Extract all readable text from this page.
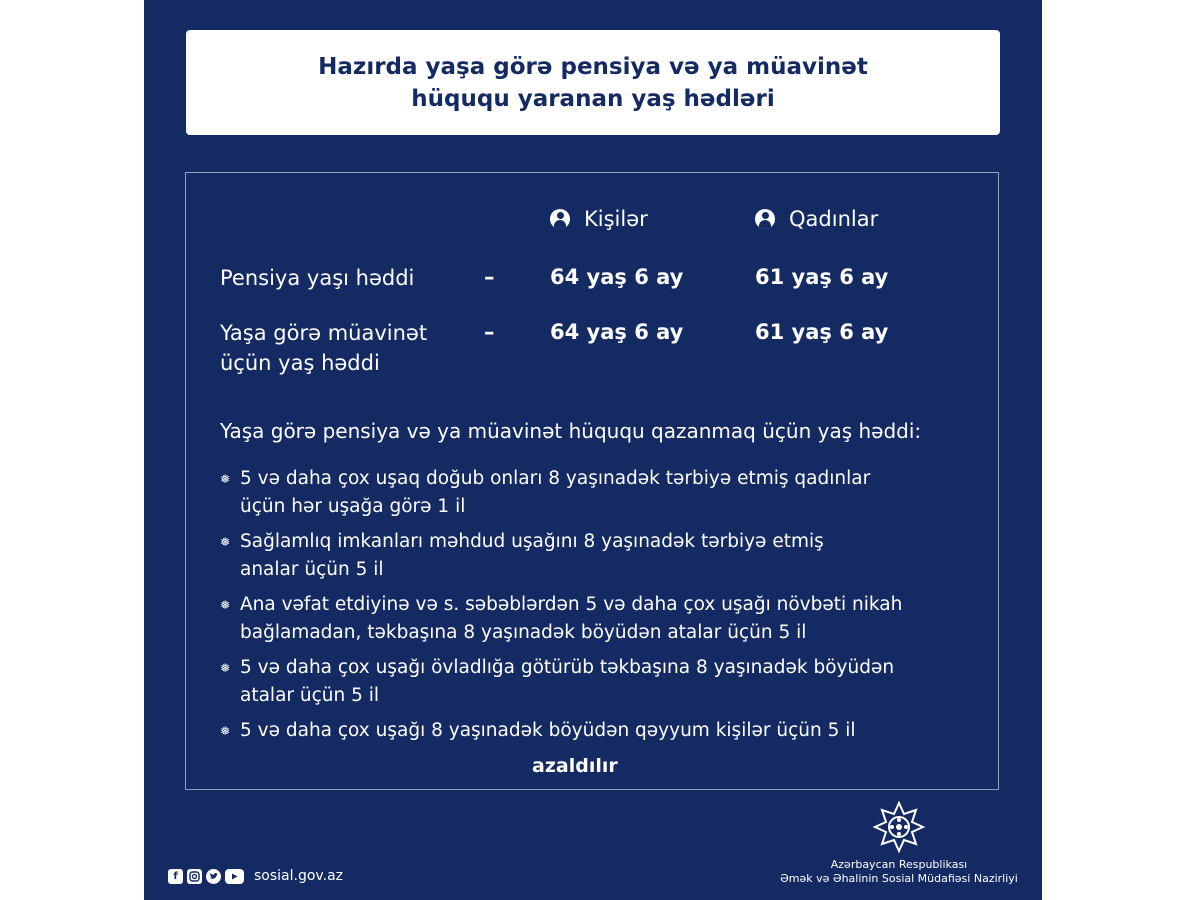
Hazırda yaşa görə pensiya və ya müavinət
hüququ yaranan yaş hədləri
Kişilər	Qadınlar
Pensiya yaşı həddi	–	64 yaş 6 ay	61 yaş 6 ay
Yaşa görə müavinət
üçün yaş həddi
–	64 yaş 6 ay	61 yaş 6 ay
Yaşa görə pensiya və ya müavinət hüququ qazanmaq üçün yaş həddi:
❅ 5 və daha çox uşaq doğub onları 8 yaşınadək tərbiyə etmiş qadınlar
üçün hər uşağa görə 1 il
❅ Sağlamlıq imkanları məhdud uşağını 8 yaşınadək tərbiyə etmiş
analar üçün 5 il
❅ Ana vəfat etdiyinə və s. səbəblərdən 5 və daha çox uşağı növbəti nikah
bağlamadan, təkbaşına 8 yaşınadək böyüdən atalar üçün 5 il
❅ 5 və daha çox uşağı övladlığa götürüb təkbaşına 8 yaşınadək böyüdən
atalar üçün 5 il
❅ 5 və daha çox uşağı 8 yaşınadək böyüdən qəyyum kişilər üçün 5 il
azaldılır
f	sosial.gov.az
Azərbaycan Respublikası
Əmək və Əhalinin Sosial Müdafiəsi Nazirliyi
